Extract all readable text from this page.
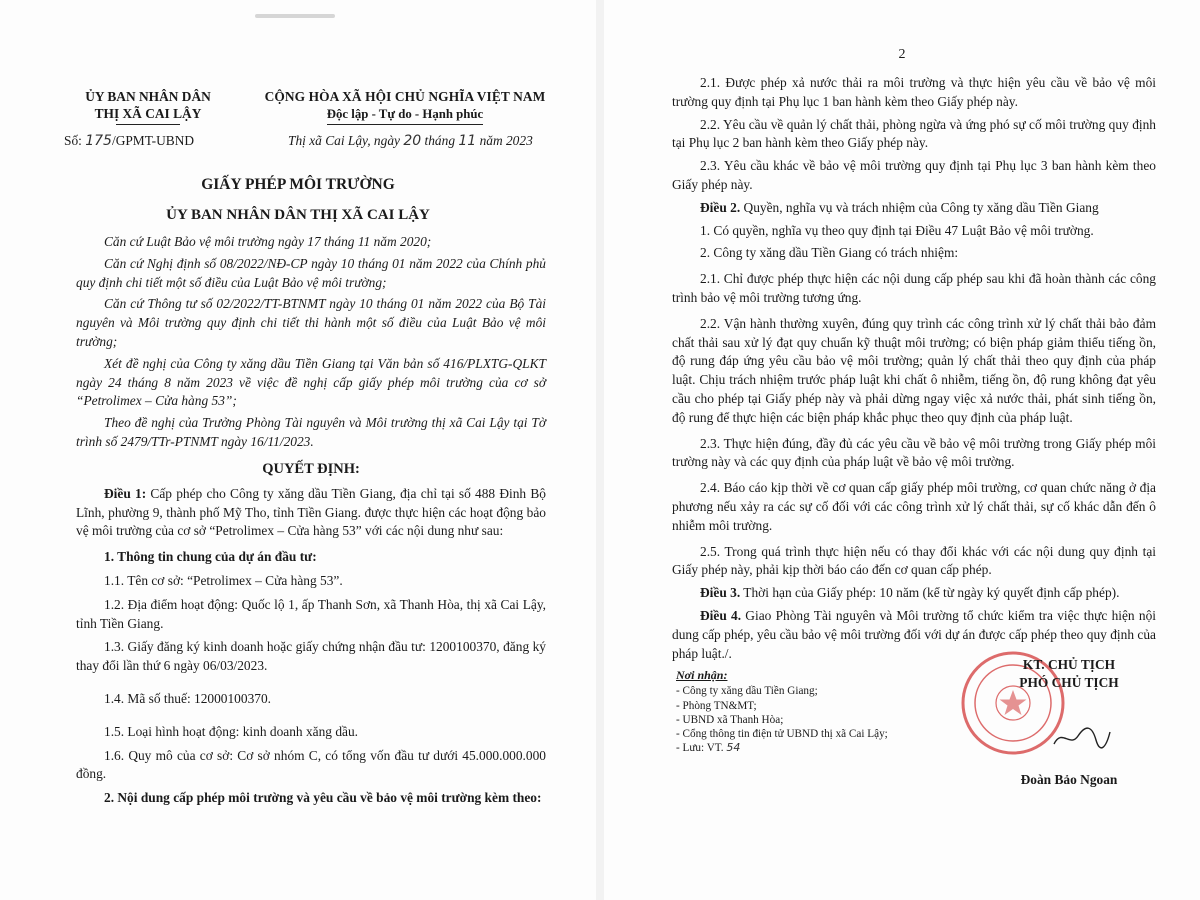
ỦY BAN NHÂN DÂN
THỊ XÃ CAI LẬY
CỘNG HÒA XÃ HỘI CHỦ NGHĨA VIỆT NAM
Độc lập - Tự do - Hạnh phúc
Số: 175/GPMT-UBND	Thị xã Cai Lậy, ngày 20 tháng 11 năm 2023
GIẤY PHÉP MÔI TRƯỜNG
ỦY BAN NHÂN DÂN THỊ XÃ CAI LẬY

Căn cứ Luật Bảo vệ môi trường ngày 17 tháng 11 năm 2020;

Căn cứ Nghị định số 08/2022/NĐ-CP ngày 10 tháng 01 năm 2022 của Chính phủ quy định chi tiết một số điều của Luật Bảo vệ môi trường;

Căn cứ Thông tư số 02/2022/TT-BTNMT ngày 10 tháng 01 năm 2022 của Bộ Tài nguyên và Môi trường quy định chi tiết thi hành một số điều của Luật Bảo vệ môi trường;

Xét đề nghị của Công ty xăng dầu Tiền Giang tại Văn bản số 416/PLXTG-QLKT ngày 24 tháng 8 năm 2023 về việc đề nghị cấp giấy phép môi trường của cơ sở “Petrolimex – Cửa hàng 53”;

Theo đề nghị của Trưởng Phòng Tài nguyên và Môi trường thị xã Cai Lậy tại Tờ trình số 2479/TTr-PTNMT ngày 16/11/2023.

QUYẾT ĐỊNH:

Điều 1: Cấp phép cho Công ty xăng dầu Tiền Giang, địa chỉ tại số 488 Đinh Bộ Lĩnh, phường 9, thành phố Mỹ Tho, tỉnh Tiền Giang. được thực hiện các hoạt động bảo vệ môi trường của cơ sở “Petrolimex – Cửa hàng 53” với các nội dung như sau:

1. Thông tin chung của dự án đầu tư:

1.1. Tên cơ sở: “Petrolimex – Cửa hàng 53”.

1.2. Địa điểm hoạt động: Quốc lộ 1, ấp Thanh Sơn, xã Thanh Hòa, thị xã Cai Lậy, tỉnh Tiền Giang.

1.3. Giấy đăng ký kinh doanh hoặc giấy chứng nhận đầu tư: 1200100370, đăng ký thay đổi lần thứ 6 ngày 06/03/2023.

1.4. Mã số thuế: 12000100370.

1.5. Loại hình hoạt động: kinh doanh xăng dầu.

1.6. Quy mô của cơ sở: Cơ sở nhóm C, có tổng vốn đầu tư dưới 45.000.000.000 đồng.

2. Nội dung cấp phép môi trường và yêu cầu về bảo vệ môi trường kèm theo:

2

2.1. Được phép xả nước thải ra môi trường và thực hiện yêu cầu về bảo vệ môi trường quy định tại Phụ lục 1 ban hành kèm theo Giấy phép này.

2.2. Yêu cầu về quản lý chất thải, phòng ngừa và ứng phó sự cố môi trường quy định tại Phụ lục 2 ban hành kèm theo Giấy phép này.

2.3. Yêu cầu khác về bảo vệ môi trường quy định tại Phụ lục 3 ban hành kèm theo Giấy phép này.

Điều 2. Quyền, nghĩa vụ và trách nhiệm của Công ty xăng dầu Tiền Giang

1. Có quyền, nghĩa vụ theo quy định tại Điều 47 Luật Bảo vệ môi trường.

2. Công ty xăng dầu Tiền Giang có trách nhiệm:

2.1. Chỉ được phép thực hiện các nội dung cấp phép sau khi đã hoàn thành các công trình bảo vệ môi trường tương ứng.

2.2. Vận hành thường xuyên, đúng quy trình các công trình xử lý chất thải bảo đảm chất thải sau xử lý đạt quy chuẩn kỹ thuật môi trường; có biện pháp giảm thiểu tiếng ồn, độ rung đáp ứng yêu cầu bảo vệ môi trường; quản lý chất thải theo quy định của pháp luật. Chịu trách nhiệm trước pháp luật khi chất ô nhiễm, tiếng ồn, độ rung không đạt yêu cầu cho phép tại Giấy phép này và phải dừng ngay việc xả nước thải, phát sinh tiếng ồn, độ rung để thực hiện các biện pháp khắc phục theo quy định của pháp luật.

2.3. Thực hiện đúng, đầy đủ các yêu cầu về bảo vệ môi trường trong Giấy phép môi trường này và các quy định của pháp luật về bảo vệ môi trường.

2.4. Báo cáo kịp thời về cơ quan cấp giấy phép môi trường, cơ quan chức năng ở địa phương nếu xảy ra các sự cố đối với các công trình xử lý chất thải, sự cố khác dẫn đến ô nhiễm môi trường.

2.5. Trong quá trình thực hiện nếu có thay đổi khác với các nội dung quy định tại Giấy phép này, phải kịp thời báo cáo đến cơ quan cấp phép.

Điều 3. Thời hạn của Giấy phép: 10 năm (kể từ ngày ký quyết định cấp phép).

Điều 4. Giao Phòng Tài nguyên và Môi trường tổ chức kiểm tra việc thực hiện nội dung cấp phép, yêu cầu bảo vệ môi trường đối với dự án được cấp phép theo quy định của pháp luật./.

Nơi nhận:
- Công ty xăng dầu Tiền Giang;
- Phòng TN&MT;
- UBND xã Thanh Hòa;
- Cổng thông tin điện tử UBND thị xã Cai Lậy;
- Lưu: VT. 54
KT. CHỦ TỊCH
PHÓ CHỦ TỊCH
Đoàn Bảo Ngoan
